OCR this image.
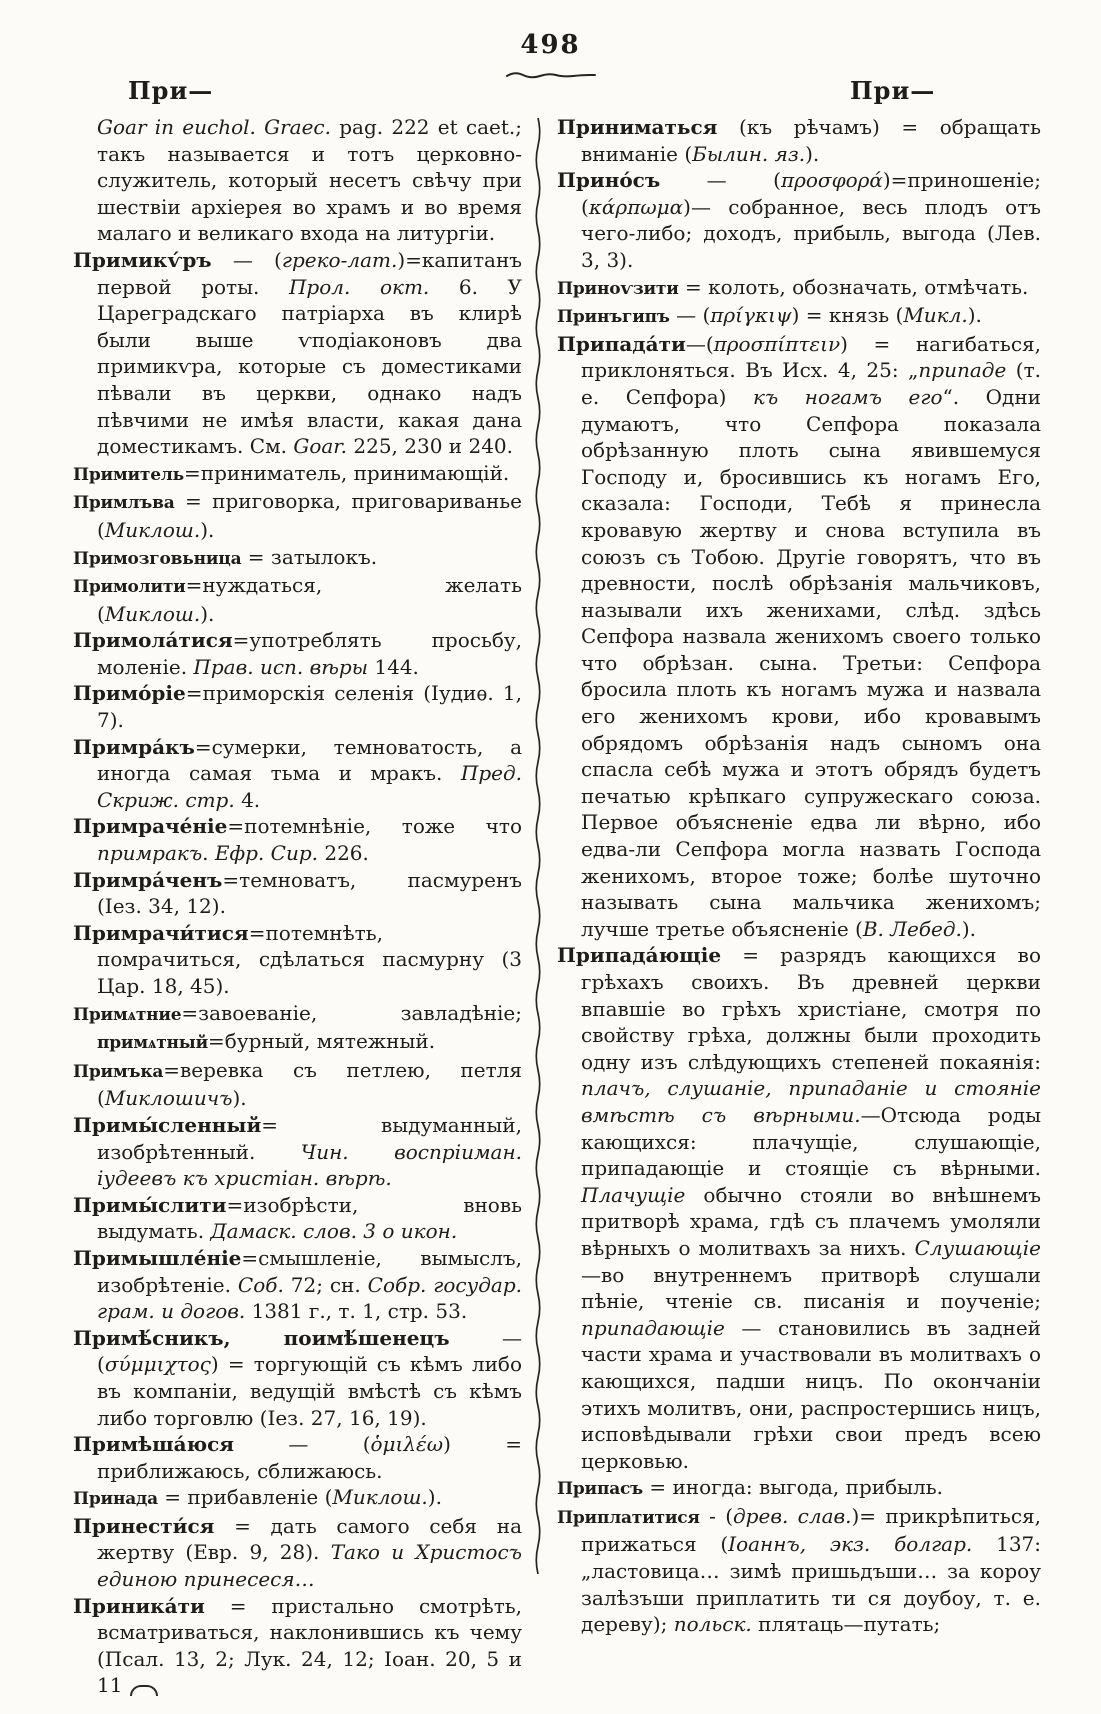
498
При—	При—

Goar in euchol. Graec. pag. 222 et caet.; такъ называется и тотъ церковно-служитель, который несетъ свѣчу при шествіи архіерея во храмъ и во время малаго и великаго входа на литургіи.

Примикѵ́ръ — (греко-лат.)=капитанъ первой роты. Прол. окт. 6. У Цареградскаго патріарха въ клирѣ были выше ѵподіаконовъ два примикѵра, которые съ доместиками пѣвали въ церкви, однако надъ пѣвчими не имѣя власти, какая дана доместикамъ. См. Goar. 225, 230 и 240.

Примитель=приниматель, принимающій.

Примлъва = приговорка, приговариванье (Миклош.).

Примозговьница = затылокъ.

Примолити=нуждаться, желать (Миклош.).

Примола́тися=употреблять просьбу, моленіе. Прав. исп. вѣры 144.

Примо́ріе=приморскія селенія (Іудиѳ. 1, 7).

Примра́къ=сумерки, темноватость, а иногда самая тьма и мракъ. Пред. Скриж. стр. 4.

Примраче́ніе=потемнѣніе, тоже что примракъ. Ефр. Сир. 226.

Примра́ченъ=темноватъ, пасмуренъ (Іез. 34, 12).

Примрачи́тися=потемнѣть, помрачиться, сдѣлаться пасмурну (3 Цар. 18, 45).

Примѧтние=завоеваніе, завладѣніе; примѧтный=бурный, мятежный.

Примъка=веревка съ петлею, петля (Миклошичъ).

Примы́сленный= выдуманный, изобрѣтенный. Чин. воспріиман. іудеевъ къ христіан. вѣрѣ.

Примы́слити=изобрѣсти, вновь выдумать. Дамаск. слов. 3 о икон.

Примышле́ніе=смышленіе, вымыслъ, изобрѣтеніе. Соб. 72; сн. Собр. государ. грам. и догов. 1381 г., т. 1, стр. 53.

Примѣ́сникъ, поимѣ́шенецъ — (σύμμιχτος) = торгующій съ кѣмъ либо въ компаніи, ведущій вмѣстѣ съ кѣмъ либо торговлю (Іез. 27, 16, 19).

Примѣша́юся — (ὁμιλέω) = приближаюсь, сближаюсь.

Принада = прибавленіе (Миклош.).

Принести́ся = дать самого себя на жертву (Евр. 9, 28). Тако и Христосъ единою принесеся…

Приника́ти = пристально смотрѣть, всматриваться, наклонившись къ чему (Псал. 13, 2; Лук. 24, 12; Іоан. 20, 5 и 11

Приниматься (къ рѣчамъ) = обращать вниманіе (Былин. яз.).

Прино́съ — (προσφορά)=приношеніе; (κάρπωμα)— собранное, весь плодъ отъ чего-либо; доходъ, прибыль, выгода (Лев. 3, 3).

Приноѵзити = колоть, обозначать, отмѣчать.

Принъгипъ — (πρίγκιψ) = князь (Микл.).

Припада́ти—(προσπίπτειν) = нагибаться, приклоняться. Въ Исх. 4, 25: „припаде (т. е. Сепфора) къ ногамъ его“. Одни думаютъ, что Сепфора показала обрѣзанную плоть сына явившемуся Господу и, бросившись къ ногамъ Его, сказала: Господи, Тебѣ я принесла кровавую жертву и снова вступила въ союзъ съ Тобою. Другіе говорятъ, что въ древности, послѣ обрѣзанія мальчиковъ, называли ихъ женихами, слѣд. здѣсь Сепфора назвала женихомъ своего только что обрѣзан. сына. Третьи: Сепфора бросила плоть къ ногамъ мужа и назвала его женихомъ крови, ибо кровавымъ обрядомъ обрѣзанія надъ сыномъ она спасла себѣ мужа и этотъ обрядъ будетъ печатью крѣпкаго супружескаго союза. Первое объясненіе едва ли вѣрно, ибо едва-ли Сепфора могла назвать Господа женихомъ, второе тоже; болѣе шуточно называть сына мальчика женихомъ; лучше третье объясненіе (В. Лебед.).

Припада́ющіе = разрядъ кающихся во грѣхахъ своихъ. Въ древней церкви впавшіе во грѣхъ христіане, смотря по свойству грѣха, должны были проходить одну изъ слѣдующихъ степеней покаянія: плачъ, слушаніе, припаданіе и стояніе вмѣстѣ съ вѣрными.—Отсюда роды кающихся: плачущіе, слушающіе, припадающіе и стоящіе съ вѣрными. Плачущіе обычно стояли во внѣшнемъ притворѣ храма, гдѣ съ плачемъ умоляли вѣрныхъ о молитвахъ за нихъ. Слушающіе—во внутреннемъ притворѣ слушали пѣніе, чтеніе св. писанія и поученіе; припадающіе — становились въ задней части храма и участвовали въ молитвахъ о кающихся, падши ницъ. По окончаніи этихъ молитвъ, они, распростершись ницъ, исповѣдывали грѣхи свои предъ всею церковью.

Припасъ = иногда: выгода, прибыль.

Приплатитися - (древ. слав.)= прикрѣпиться, прижаться (Іоаннъ, экз. болгар. 137: „ластовица… зимѣ пришьдъши… за короу залѣзъши приплатить ти ся доубоу, т. е. дереву); польск. плятаць—путать;
